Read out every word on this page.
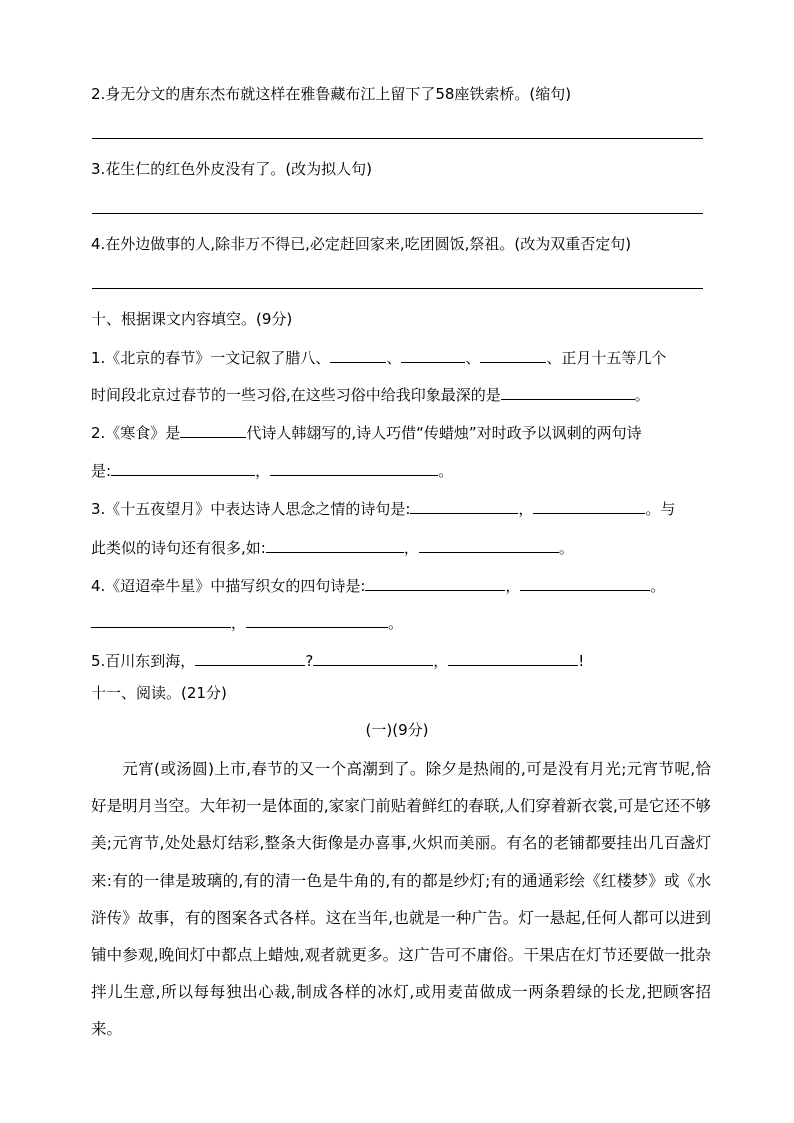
2.身无分文的唐东杰布就这样在雅鲁藏布江上留下了58座铁索桥。(缩句)
3.花生仁的红色外皮没有了。(改为拟人句)
4.在外边做事的人,除非万不得已,必定赶回家来,吃团圆饭,祭祖。(改为双重否定句)
十、根据课文内容填空。(9分)
1.《北京的春节》一文记叙了腊八、	、	、	、正月十五等几个
时间段北京过春节的一些习俗,在这些习俗中给我印象最深的是	。
2.《寒食》是	代诗人韩翃写的,诗人巧借“传蜡烛”对时政予以讽刺的两句诗
是:	，	。
3.《十五夜望月》中表达诗人思念之情的诗句是:	，	。与
此类似的诗句还有很多,如:	，	。
4.《迢迢牵牛星》中描写织女的四句诗是:	，	。
，	。
5.百川东到海，	?	，	!
十一、阅读。(21分)
(一)(9分)
元宵(或汤圆)上市,春节的又一个高潮到了。除夕是热闹的,可是没有月光;元宵节呢,恰好是明月当空。大年初一是体面的,家家门前贴着鲜红的春联,人们穿着新衣裳,可是它还不够美;元宵节,处处悬灯结彩,整条大街像是办喜事,火炽而美丽。有名的老铺都要挂出几百盏灯来:有的一律是玻璃的,有的清一色是牛角的,有的都是纱灯;有的通通彩绘《红楼梦》或《水浒传》故事，有的图案各式各样。这在当年,也就是一种广告。灯一悬起,任何人都可以进到铺中参观,晚间灯中都点上蜡烛,观者就更多。这广告可不庸俗。干果店在灯节还要做一批杂拌儿生意,所以每每独出心裁,制成各样的冰灯,或用麦苗做成一两条碧绿的长龙,把顾客招来。
